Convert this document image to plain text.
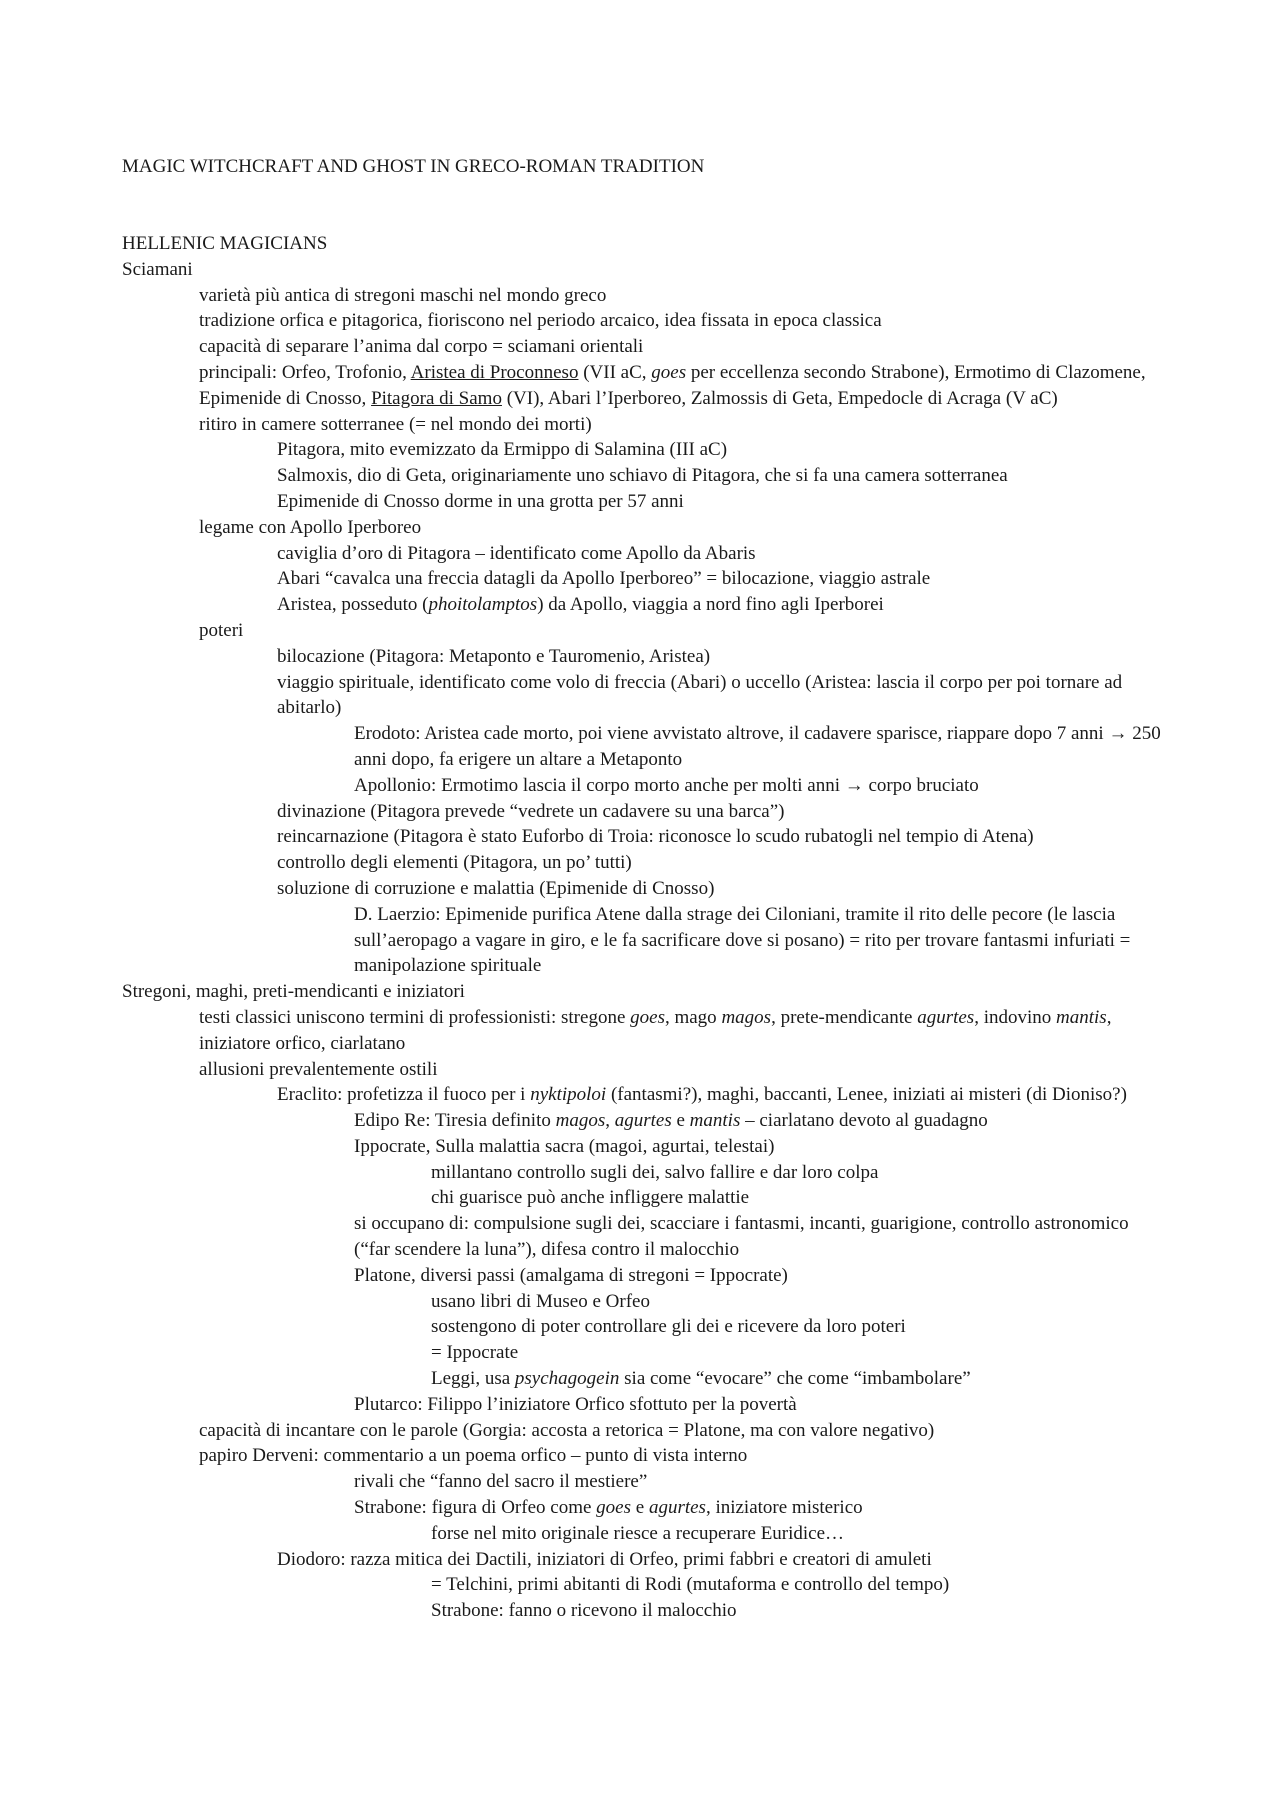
MAGIC WITCHCRAFT AND GHOST IN GRECO-ROMAN TRADITION

HELLENIC MAGICIANS

Sciamani

varietà più antica di stregoni maschi nel mondo greco

tradizione orfica e pitagorica, fioriscono nel periodo arcaico, idea fissata in epoca classica

capacità di separare l’anima dal corpo = sciamani orientali

principali: Orfeo, Trofonio, Aristea di Proconneso (VII aC, goes per eccellenza secondo Strabone), Ermotimo di Clazomene, Epimenide di Cnosso, Pitagora di Samo (VI), Abari l’Iperboreo, Zalmossis di Geta, Empedocle di Acraga (V aC)

ritiro in camere sotterranee (= nel mondo dei morti)

Pitagora, mito evemizzato da Ermippo di Salamina (III aC)

Salmoxis, dio di Geta, originariamente uno schiavo di Pitagora, che si fa una camera sotterranea

Epimenide di Cnosso dorme in una grotta per 57 anni

legame con Apollo Iperboreo

caviglia d’oro di Pitagora – identificato come Apollo da Abaris

Abari “cavalca una freccia datagli da Apollo Iperboreo” = bilocazione, viaggio astrale

Aristea, posseduto (phoitolamptos) da Apollo, viaggia a nord fino agli Iperborei

poteri

bilocazione (Pitagora: Metaponto e Tauromenio, Aristea)

viaggio spirituale, identificato come volo di freccia (Abari) o uccello (Aristea: lascia il corpo per poi tornare ad abitarlo)

Erodoto: Aristea cade morto, poi viene avvistato altrove, il cadavere sparisce, riappare dopo 7 anni → 250 anni dopo, fa erigere un altare a Metaponto

Apollonio: Ermotimo lascia il corpo morto anche per molti anni → corpo bruciato

divinazione (Pitagora prevede “vedrete un cadavere su una barca”)

reincarnazione (Pitagora è stato Euforbo di Troia: riconosce lo scudo rubatogli nel tempio di Atena)

controllo degli elementi (Pitagora, un po’ tutti)

soluzione di corruzione e malattia (Epimenide di Cnosso)

D. Laerzio: Epimenide purifica Atene dalla strage dei Ciloniani, tramite il rito delle pecore (le lascia sull’aeropago a vagare in giro, e le fa sacrificare dove si posano) = rito per trovare fantasmi infuriati = manipolazione spirituale

Stregoni, maghi, preti-mendicanti e iniziatori

testi classici uniscono termini di professionisti: stregone goes, mago magos, prete-mendicante agurtes, indovino mantis, iniziatore orfico, ciarlatano

allusioni prevalentemente ostili

Eraclito: profetizza il fuoco per i nyktipoloi (fantasmi?), maghi, baccanti, Lenee, iniziati ai misteri (di Dioniso?)

Edipo Re: Tiresia definito magos, agurtes e mantis – ciarlatano devoto al guadagno

Ippocrate, Sulla malattia sacra (magoi, agurtai, telestai)

millantano controllo sugli dei, salvo fallire e dar loro colpa

chi guarisce può anche infliggere malattie

si occupano di: compulsione sugli dei, scacciare i fantasmi, incanti, guarigione, controllo astronomico (“far scendere la luna”), difesa contro il malocchio

Platone, diversi passi (amalgama di stregoni = Ippocrate)

usano libri di Museo e Orfeo

sostengono di poter controllare gli dei e ricevere da loro poteri

= Ippocrate

Leggi, usa psychagogein sia come “evocare” che come “imbambolare”

Plutarco: Filippo l’iniziatore Orfico sfottuto per la povertà

capacità di incantare con le parole (Gorgia: accosta a retorica = Platone, ma con valore negativo)

papiro Derveni: commentario a un poema orfico – punto di vista interno

rivali che “fanno del sacro il mestiere”

Strabone: figura di Orfeo come goes e agurtes, iniziatore misterico

forse nel mito originale riesce a recuperare Euridice…

Diodoro: razza mitica dei Dactili, iniziatori di Orfeo, primi fabbri e creatori di amuleti

= Telchini, primi abitanti di Rodi (mutaforma e controllo del tempo)

Strabone: fanno o ricevono il malocchio
